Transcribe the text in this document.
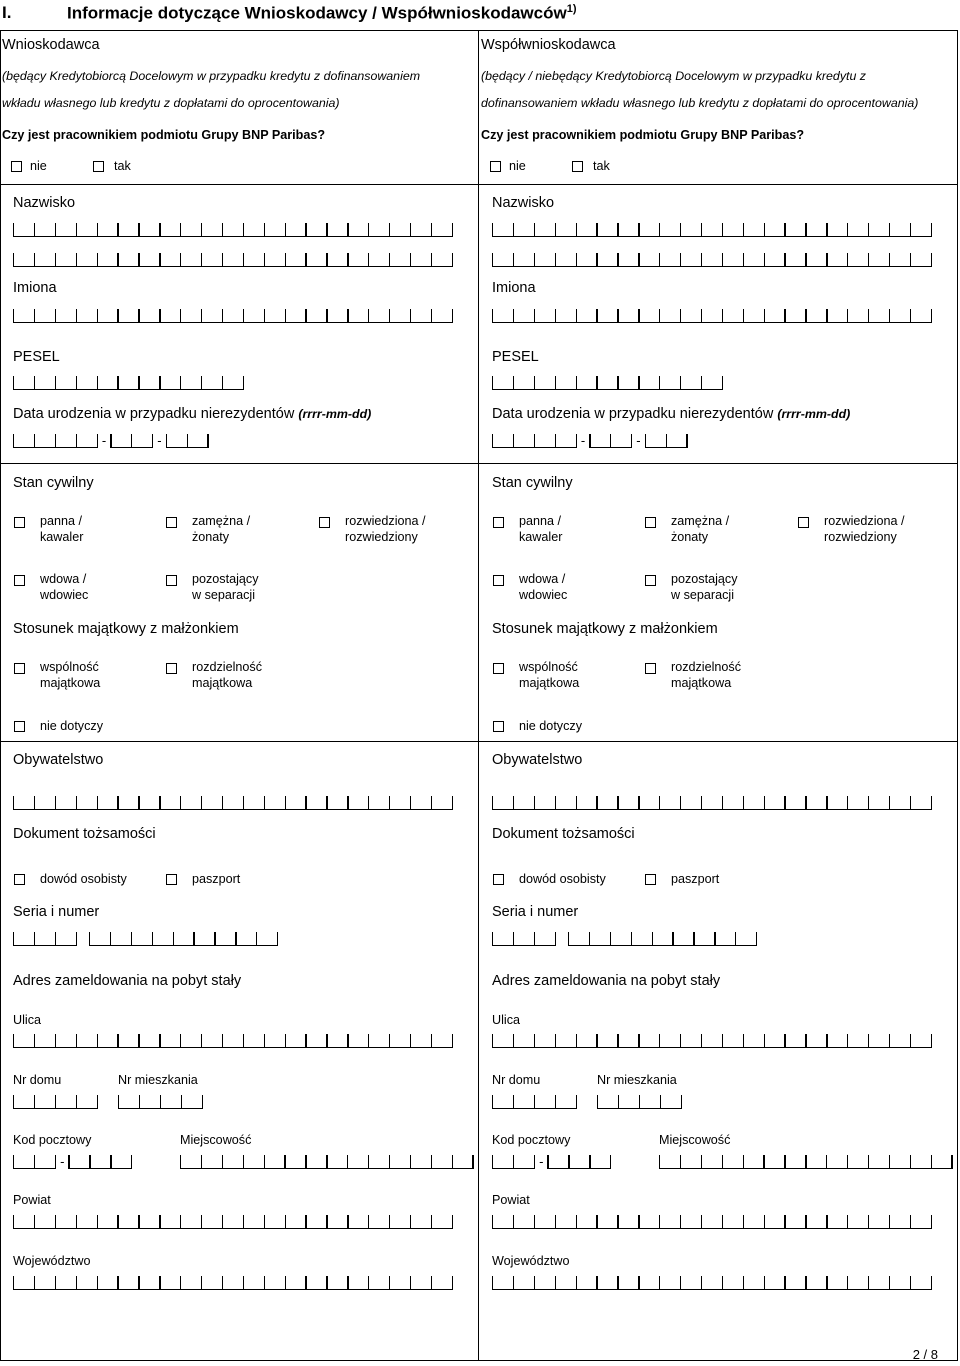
I.	Informacje dotyczące Wnioskodawcy / Współwnioskodawców$^{1)}$
Wnioskodawca
(będący Kredytobiorcą Docelowym w przypadku kredytu z dofinansowaniem
wkładu własnego lub kredytu z dopłatami do oprocentowania)
Czy jest pracownikiem podmiotu Grupy BNP Paribas?
nie	tak
Nazwisko
Imiona
PESEL
Data urodzenia w przypadku nierezydentów (rrrr-mm-dd)
-	-
Stan cywilny
panna /
kawaler
zamężna /
żonaty
rozwiedziona /
rozwiedziony
wdowa /
wdowiec
pozostający
w separacji
Stosunek majątkowy z małżonkiem
wspólność
majątkowa
rozdzielność
majątkowa
nie dotyczy
Obywatelstwo
Dokument tożsamości
dowód osobisty	paszport
Seria i numer
Adres zameldowania na pobyt stały
Ulica
Nr domu	Nr mieszkania
Kod pocztowy	Miejscowość
-
Powiat
Województwo
Współwnioskodawca
(będący / niebędący Kredytobiorcą Docelowym w przypadku kredytu z
dofinansowaniem wkładu własnego lub kredytu z dopłatami do oprocentowania)
Czy jest pracownikiem podmiotu Grupy BNP Paribas?
nie	tak
Nazwisko
Imiona
PESEL
Data urodzenia w przypadku nierezydentów (rrrr-mm-dd)
-	-
Stan cywilny
panna /
kawaler
zamężna /
żonaty
rozwiedziona /
rozwiedziony
wdowa /
wdowiec
pozostający
w separacji
Stosunek majątkowy z małżonkiem
wspólność
majątkowa
rozdzielność
majątkowa
nie dotyczy
Obywatelstwo
Dokument tożsamości
dowód osobisty	paszport
Seria i numer
Adres zameldowania na pobyt stały
Ulica
Nr domu	Nr mieszkania
Kod pocztowy	Miejscowość
-
Powiat
Województwo
2 / 8
